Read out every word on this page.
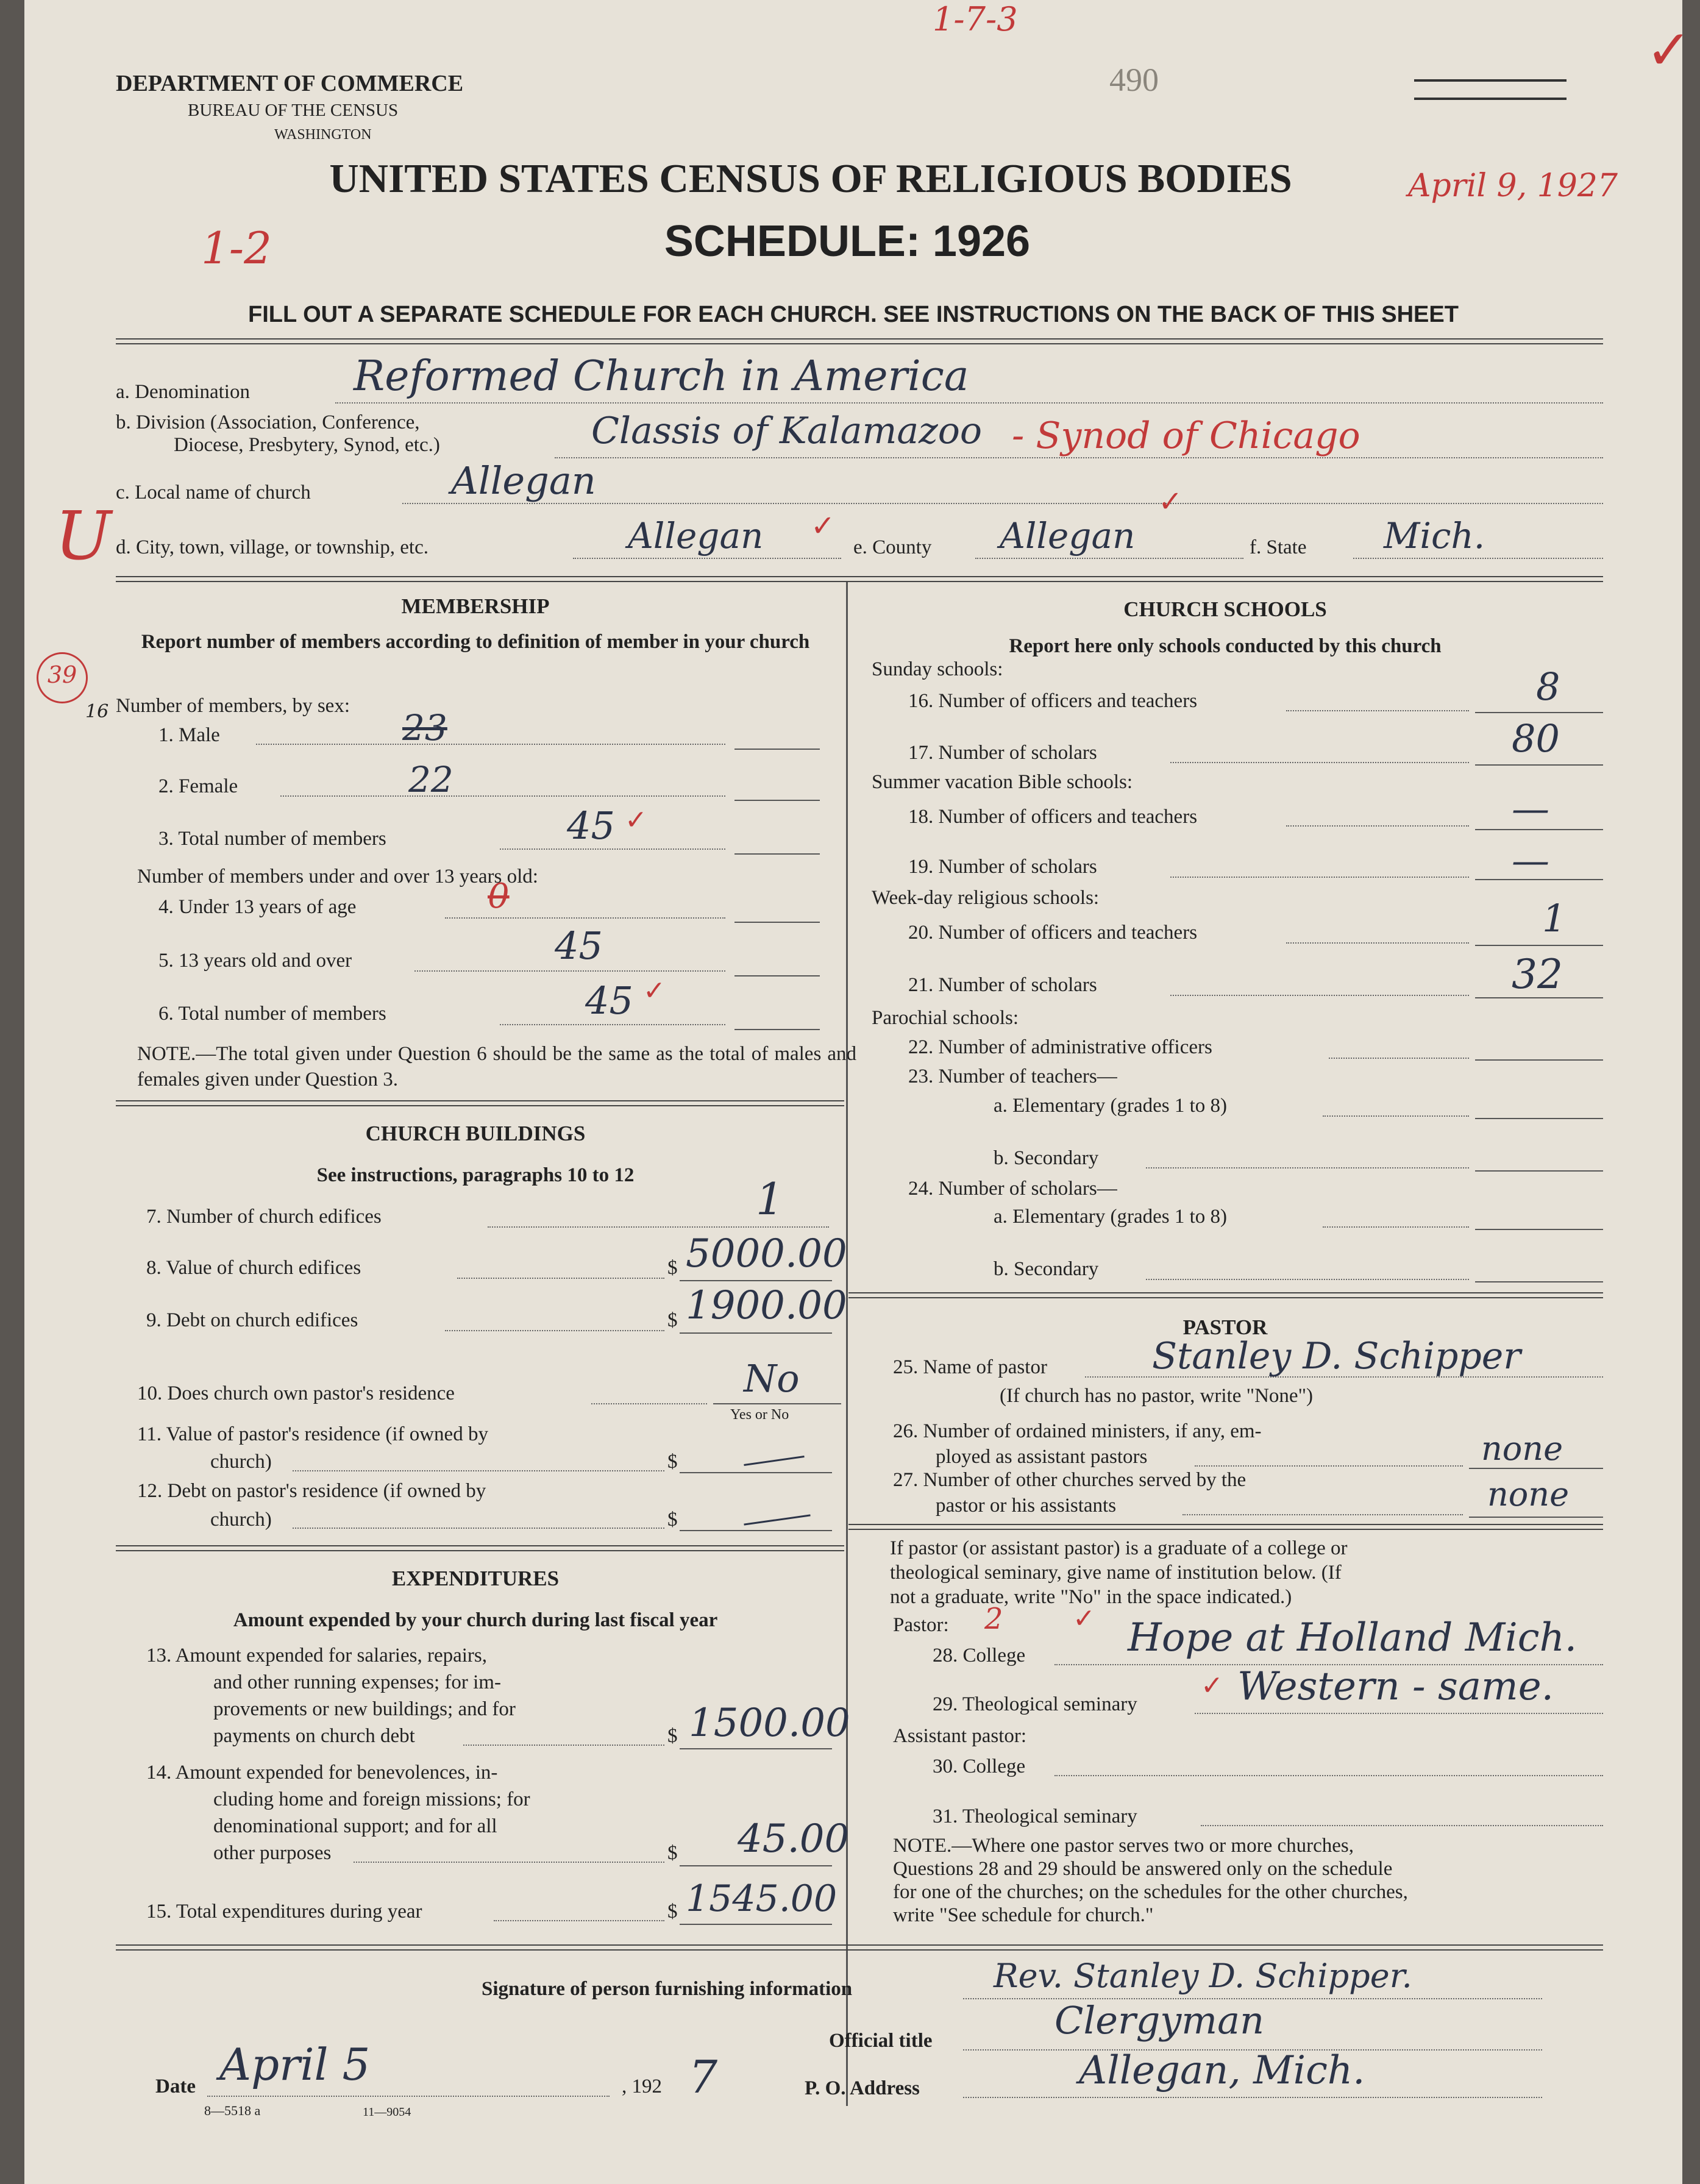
1-7-3
490	✓
DEPARTMENT OF COMMERCE
BUREAU OF THE CENSUS
WASHINGTON
UNITED STATES CENSUS OF RELIGIOUS BODIES	April 9, 1927
SCHEDULE: 1926
1-2
FILL OUT A SEPARATE SCHEDULE FOR EACH CHURCH. SEE INSTRUCTIONS ON THE BACK OF THIS SHEET
a. Denomination	Reformed Church in America
b. Division (Association, Conference,
Diocese, Presbytery, Synod, etc.)	Classis of Kalamazoo - Synod of Chicago
c. Local name of church	Allegan
U d. City, town, village, or township, etc.	Allegan ✓
e. County Allegan
✓
f. State Mich.
MEMBERSHIP
Report number of members according to definition of member in your church
39
16 Number of members, by sex:
1. Male	23
2. Female	22
3. Total number of members	45 ✓
Number of members under and over 13 years old:
4. Under 13 years of age	0
5. 13 years old and over	45
6. Total number of members	45 ✓
NOTE.—The total given under Question 6 should be the same as the total of males and females given under Question 3.
CHURCH BUILDINGS
See instructions, paragraphs 10 to 12
7. Number of church edifices	1
8. Value of church edifices	$ 5000.00
9. Debt on church edifices	$ 1900.00
10. Does church own pastor's residence	No
Yes or No
11. Value of pastor's residence (if owned by
church)	$
12. Debt on pastor's residence (if owned by
church)	$
EXPENDITURES
Amount expended by your church during last fiscal year
13. Amount expended for salaries, repairs,
and other running expenses; for im-
provements or new buildings; and for
payments on church debt	$ 1500.00
14. Amount expended for benevolences, in-
cluding home and foreign missions; for
denominational support; and for all
other purposes	$ 45.00
15. Total expenditures during year	$ 1545.00
CHURCH SCHOOLS
Report here only schools conducted by this church
Sunday schools:
16. Number of officers and teachers	8
17. Number of scholars	80
Summer vacation Bible schools:
18. Number of officers and teachers	—
19. Number of scholars	—
Week-day religious schools:
20. Number of officers and teachers	1
21. Number of scholars	32
Parochial schools:
22. Number of administrative officers
23. Number of teachers—
a. Elementary (grades 1 to 8)
b. Secondary
24. Number of scholars—
a. Elementary (grades 1 to 8)
b. Secondary
PASTOR
25. Name of pastor	Stanley D. Schipper
(If church has no pastor, write "None")
26. Number of ordained ministers, if any, em-
ployed as assistant pastors	none
27. Number of other churches served by the
pastor or his assistants	none
If pastor (or assistant pastor) is a graduate of a college or
theological seminary, give name of institution below. (If
not a graduate, write "No" in the space indicated.)
Pastor: 2	✓
28. College	Hope at Holland Mich.
29. Theological seminary
✓ Western - same.
Assistant pastor:
30. College
31. Theological seminary
NOTE.—Where one pastor serves two or more churches,
Questions 28 and 29 should be answered only on the schedule
for one of the churches; on the schedules for the other churches,
write "See schedule for church."
Signature of person furnishing information	Rev. Stanley D. Schipper.
Official title	Clergyman
Date April 5	, 192 7	P. O. Address	Allegan, Mich.
8—5518 a	11—9054
